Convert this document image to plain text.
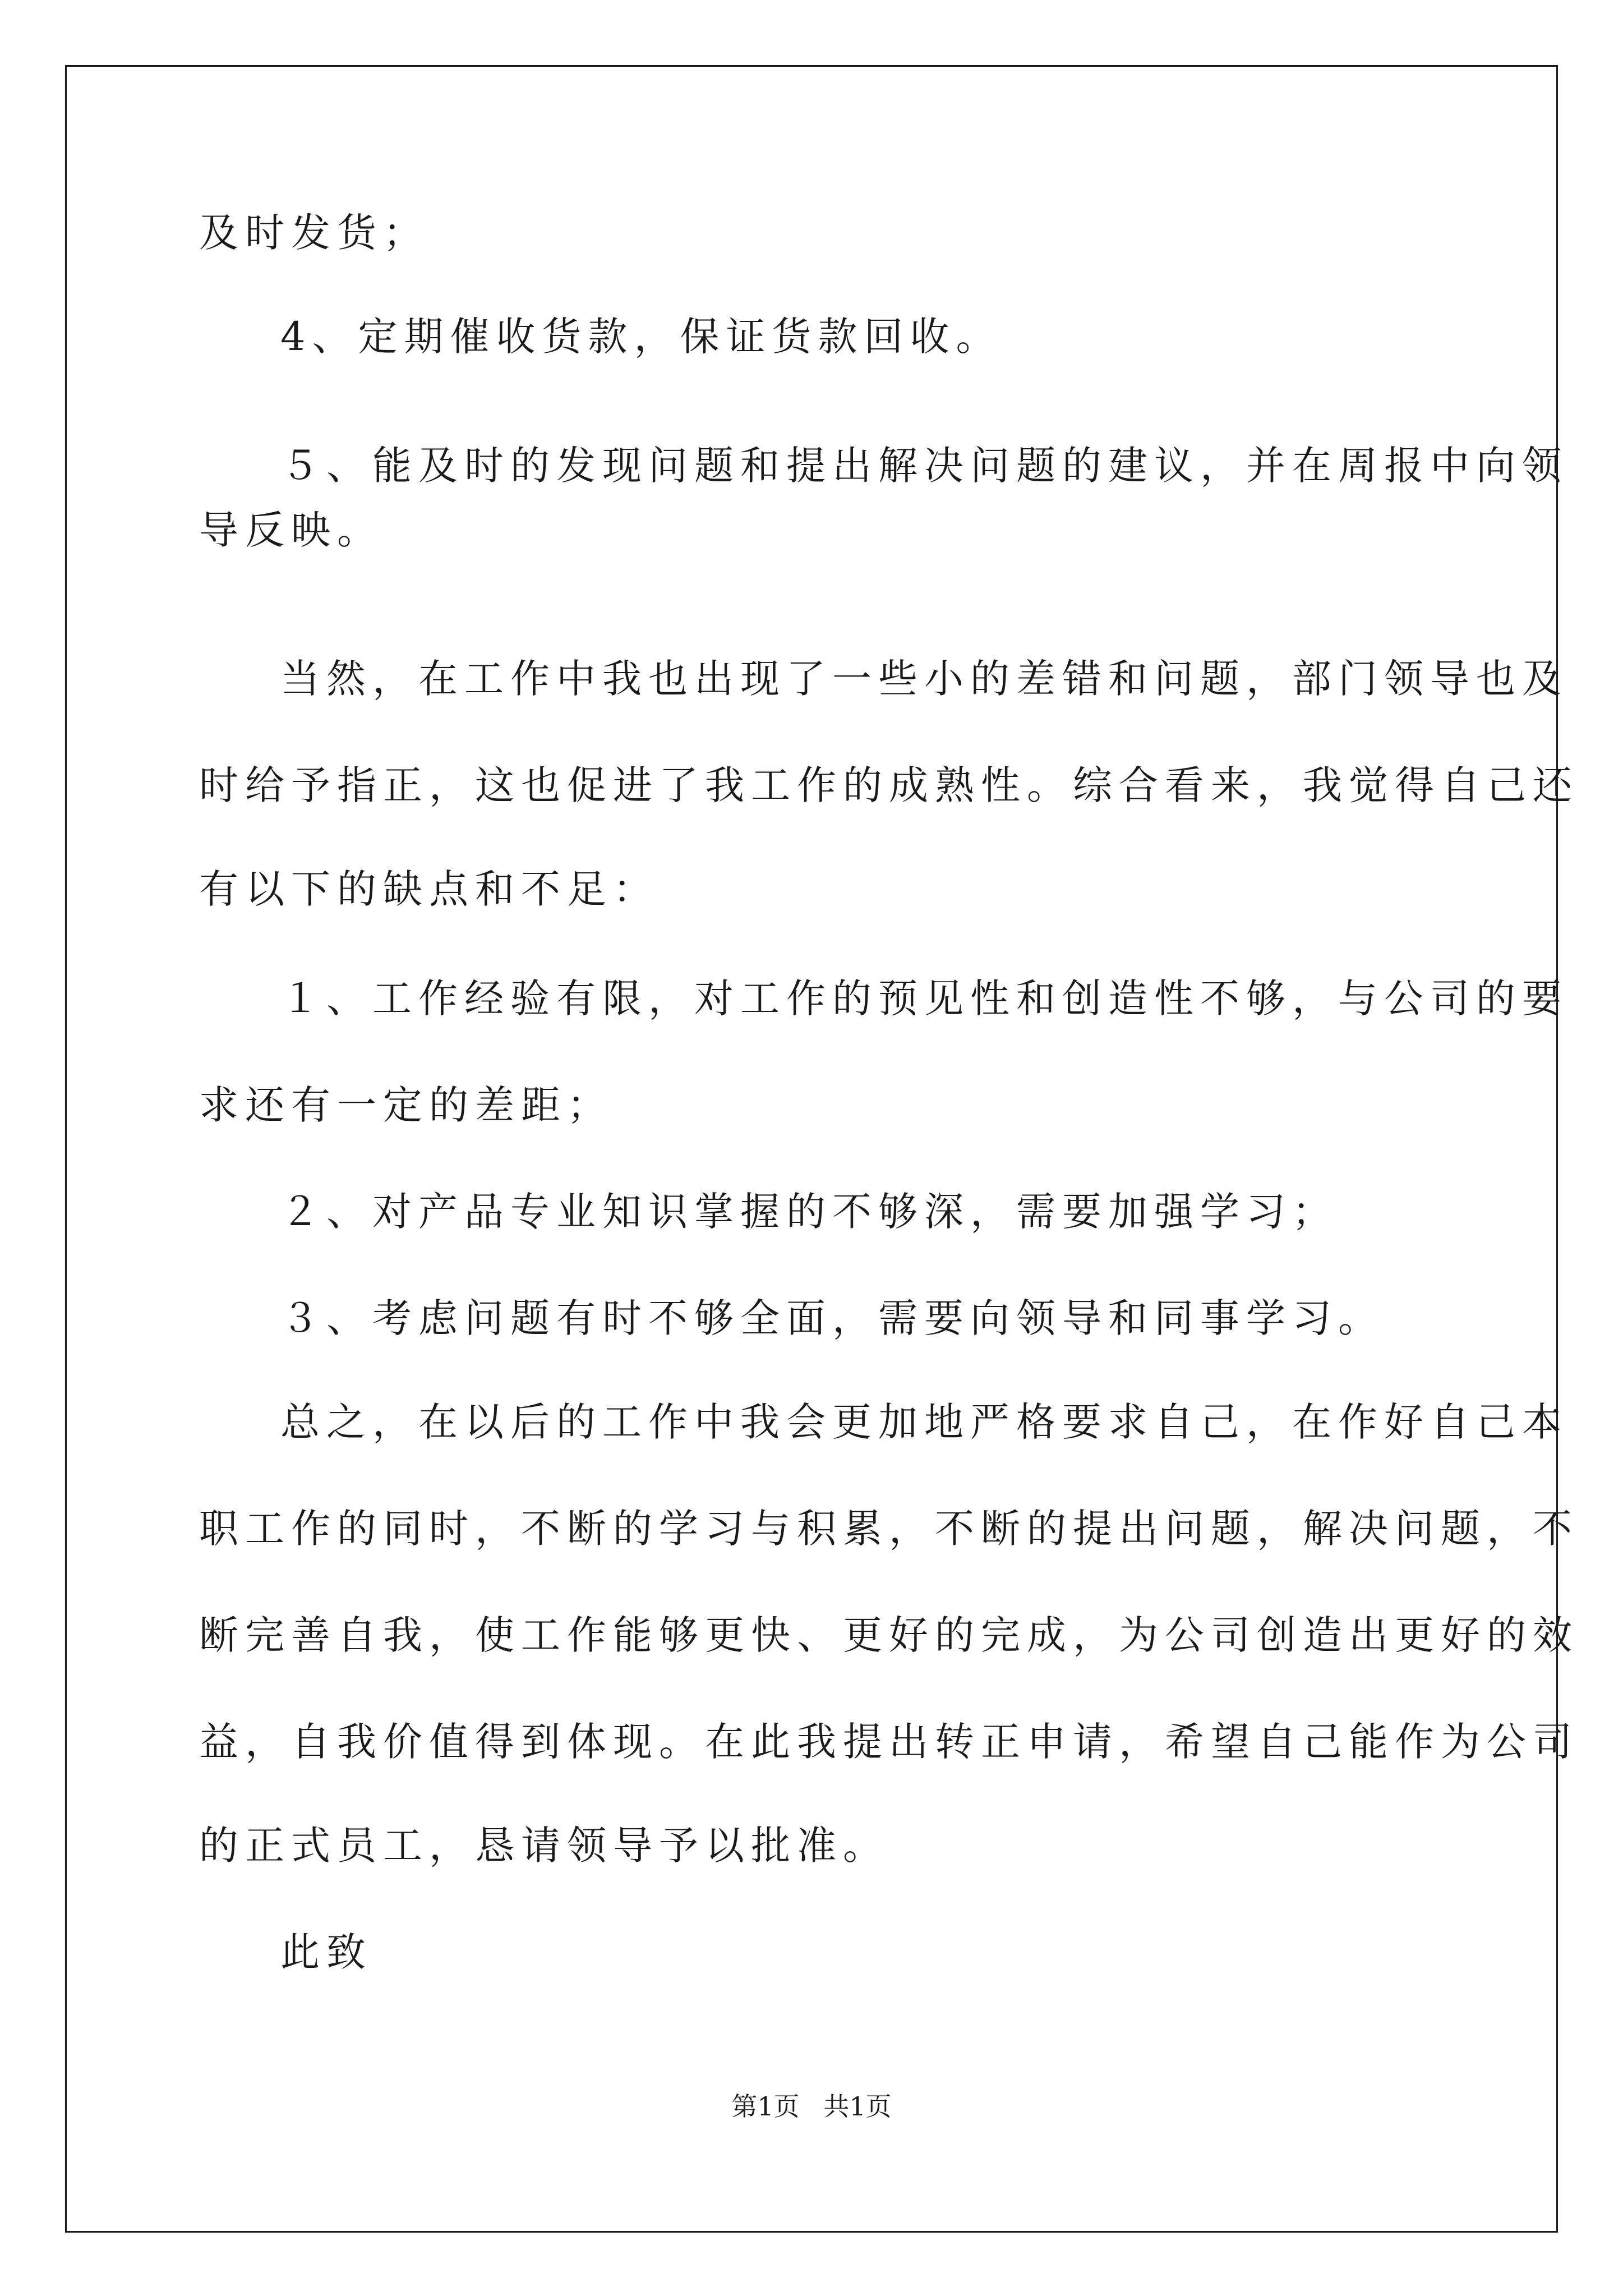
及时发货；
4、定期催收货款，保证货款回收。
５、能及时的发现问题和提出解决问题的建议，并在周报中向领
导反映。
当然，在工作中我也出现了一些小的差错和问题，部门领导也及
时给予指正，这也促进了我工作的成熟性。综合看来，我觉得自己还
有以下的缺点和不足：
１、工作经验有限，对工作的预见性和创造性不够，与公司的要
求还有一定的差距；
２、对产品专业知识掌握的不够深，需要加强学习；
３、考虑问题有时不够全面，需要向领导和同事学习。
总之，在以后的工作中我会更加地严格要求自己，在作好自己本
职工作的同时，不断的学习与积累，不断的提出问题，解决问题，不
断完善自我，使工作能够更快、更好的完成，为公司创造出更好的效
益，自我价值得到体现。在此我提出转正申请，希望自己能作为公司
的正式员工，恳请领导予以批准。
此致
第1页 共1页
